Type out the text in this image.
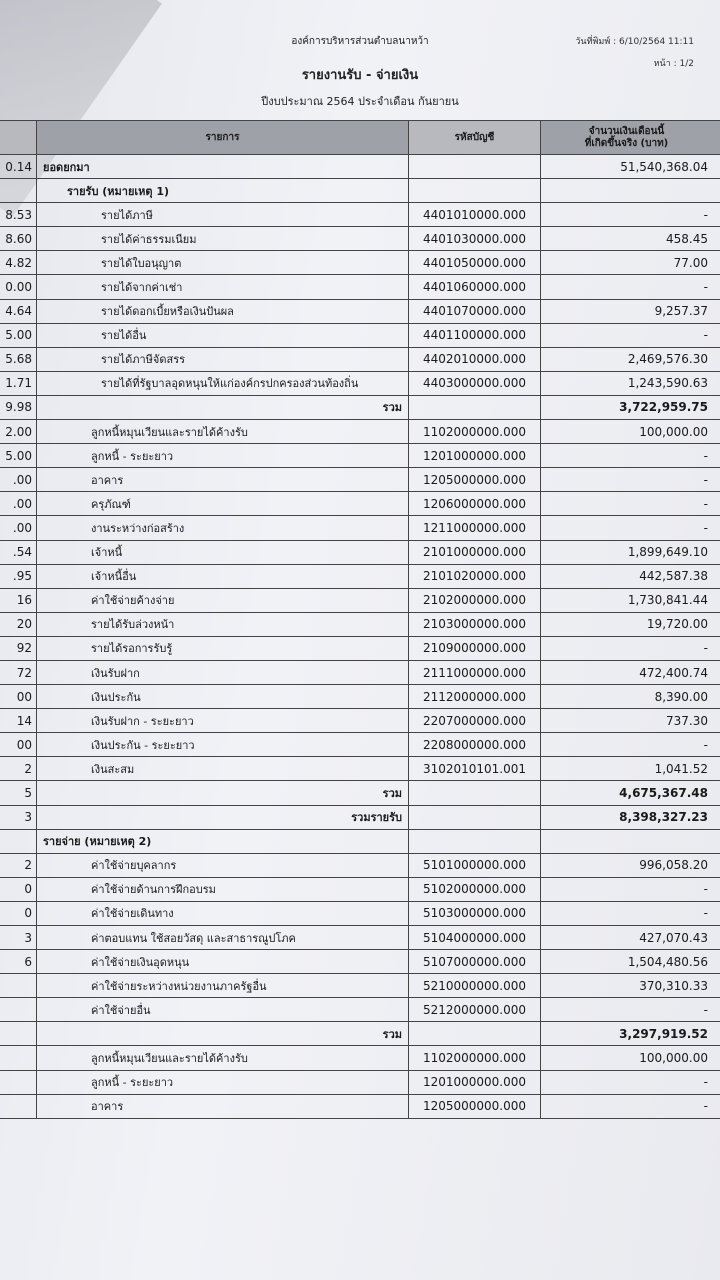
องค์การบริหารส่วนตำบลนาหว้า
รายงานรับ - จ่ายเงิน
ปีงบประมาณ 2564 ประจำเดือน กันยายน
วันที่พิมพ์ : 6/10/2564 11:11
หน้า : 1/2
	รายการ	รหัสบัญชี	จำนวนเงินเดือนนี้
ที่เกิดขึ้นจริง (บาท)

0.14	ยอดยกมา		51,540,368.04
	รายรับ (หมายเหตุ 1)		
8.53	รายได้ภาษี	4401010000.000	-
8.60	รายได้ค่าธรรมเนียม	4401030000.000	458.45
4.82	รายได้ใบอนุญาต	4401050000.000	77.00
0.00	รายได้จากค่าเช่า	4401060000.000	-
4.64	รายได้ดอกเบี้ยหรือเงินปันผล	4401070000.000	9,257.37
5.00	รายได้อื่น	4401100000.000	-
5.68	รายได้ภาษีจัดสรร	4402010000.000	2,469,576.30
1.71	รายได้ที่รัฐบาลอุดหนุนให้แก่องค์กรปกครองส่วนท้องถิ่น	4403000000.000	1,243,590.63
9.98	รวม		3,722,959.75
2.00	ลูกหนี้หมุนเวียนและรายได้ค้างรับ	1102000000.000	100,000.00
5.00	ลูกหนี้ - ระยะยาว	1201000000.000	-
.00	อาคาร	1205000000.000	-
.00	ครุภัณฑ์	1206000000.000	-
.00	งานระหว่างก่อสร้าง	1211000000.000	-
.54	เจ้าหนี้	2101000000.000	1,899,649.10
.95	เจ้าหนี้อื่น	2101020000.000	442,587.38
16	ค่าใช้จ่ายค้างจ่าย	2102000000.000	1,730,841.44
20	รายได้รับล่วงหน้า	2103000000.000	19,720.00
92	รายได้รอการรับรู้	2109000000.000	-
72	เงินรับฝาก	2111000000.000	472,400.74
00	เงินประกัน	2112000000.000	8,390.00
14	เงินรับฝาก - ระยะยาว	2207000000.000	737.30
00	เงินประกัน - ระยะยาว	2208000000.000	-
2	เงินสะสม	3102010101.001	1,041.52
5	รวม		4,675,367.48
3	รวมรายรับ		8,398,327.23
	รายจ่าย (หมายเหตุ 2)		
2	ค่าใช้จ่ายบุคลากร	5101000000.000	996,058.20
0	ค่าใช้จ่ายด้านการฝึกอบรม	5102000000.000	-
0	ค่าใช้จ่ายเดินทาง	5103000000.000	-
3	ค่าตอบแทน ใช้สอยวัสดุ และสาธารณูปโภค	5104000000.000	427,070.43
6	ค่าใช้จ่ายเงินอุดหนุน	5107000000.000	1,504,480.56
	ค่าใช้จ่ายระหว่างหน่วยงานภาครัฐอื่น	5210000000.000	370,310.33
	ค่าใช้จ่ายอื่น	5212000000.000	-
	รวม		3,297,919.52
	ลูกหนี้หมุนเวียนและรายได้ค้างรับ	1102000000.000	100,000.00
	ลูกหนี้ - ระยะยาว	1201000000.000	-
	อาคาร	1205000000.000	-
